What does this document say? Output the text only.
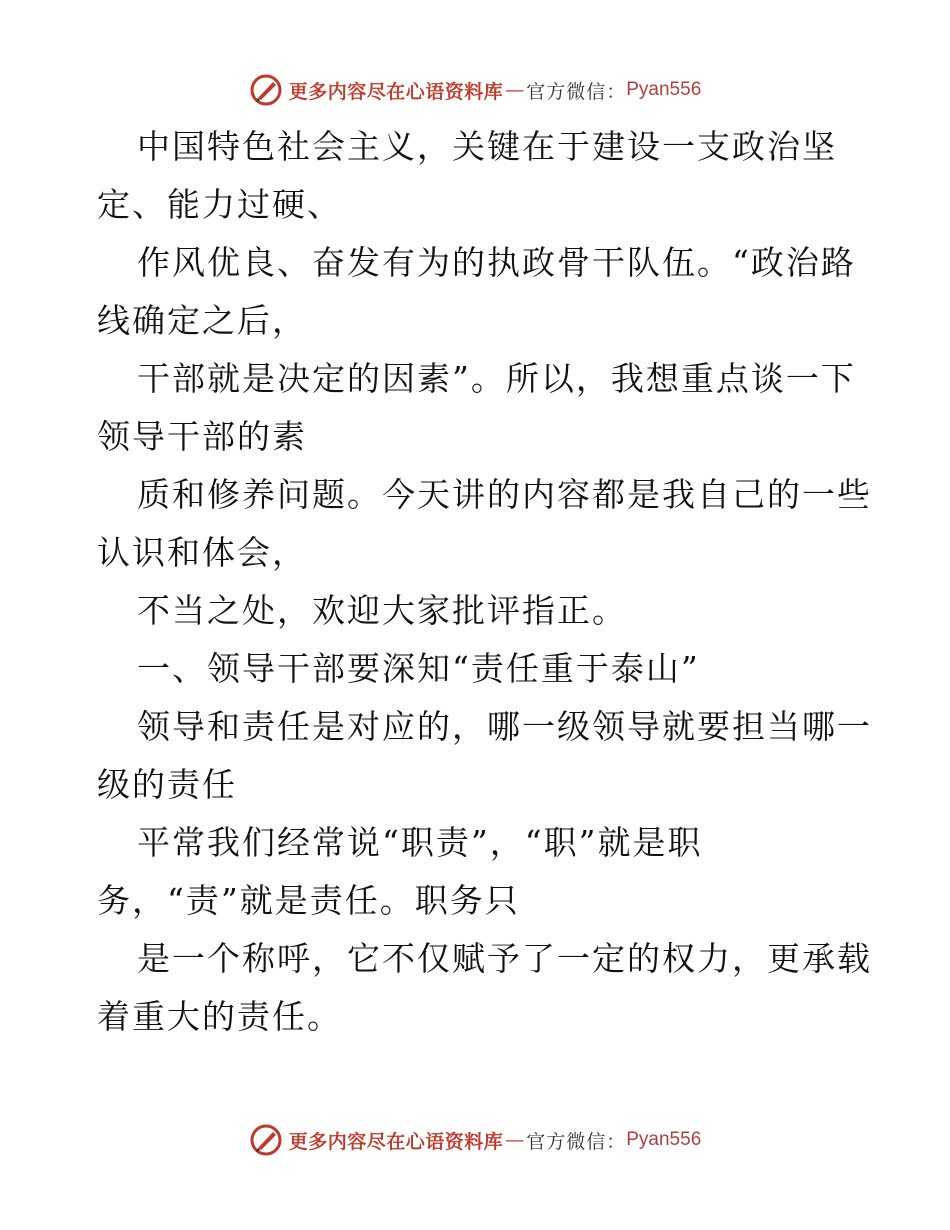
更多内容尽在心语资料库 — 官方微信： Pyan556
中国特色社会主义，关键在于建设一支政治坚
定、能力过硬、
作风优良、奋发有为的执政骨干队伍。“政治路
线确定之后，
干部就是决定的因素”。所以，我想重点谈一下
领导干部的素
质和修养问题。今天讲的内容都是我自己的一些
认识和体会，
不当之处，欢迎大家批评指正。
一、领导干部要深知“责任重于泰山”
领导和责任是对应的，哪一级领导就要担当哪一
级的责任
平常我们经常说“职责”，“职”就是职
务，“责”就是责任。职务只
是一个称呼，它不仅赋予了一定的权力，更承载
着重大的责任。
更多内容尽在心语资料库 — 官方微信： Pyan556
